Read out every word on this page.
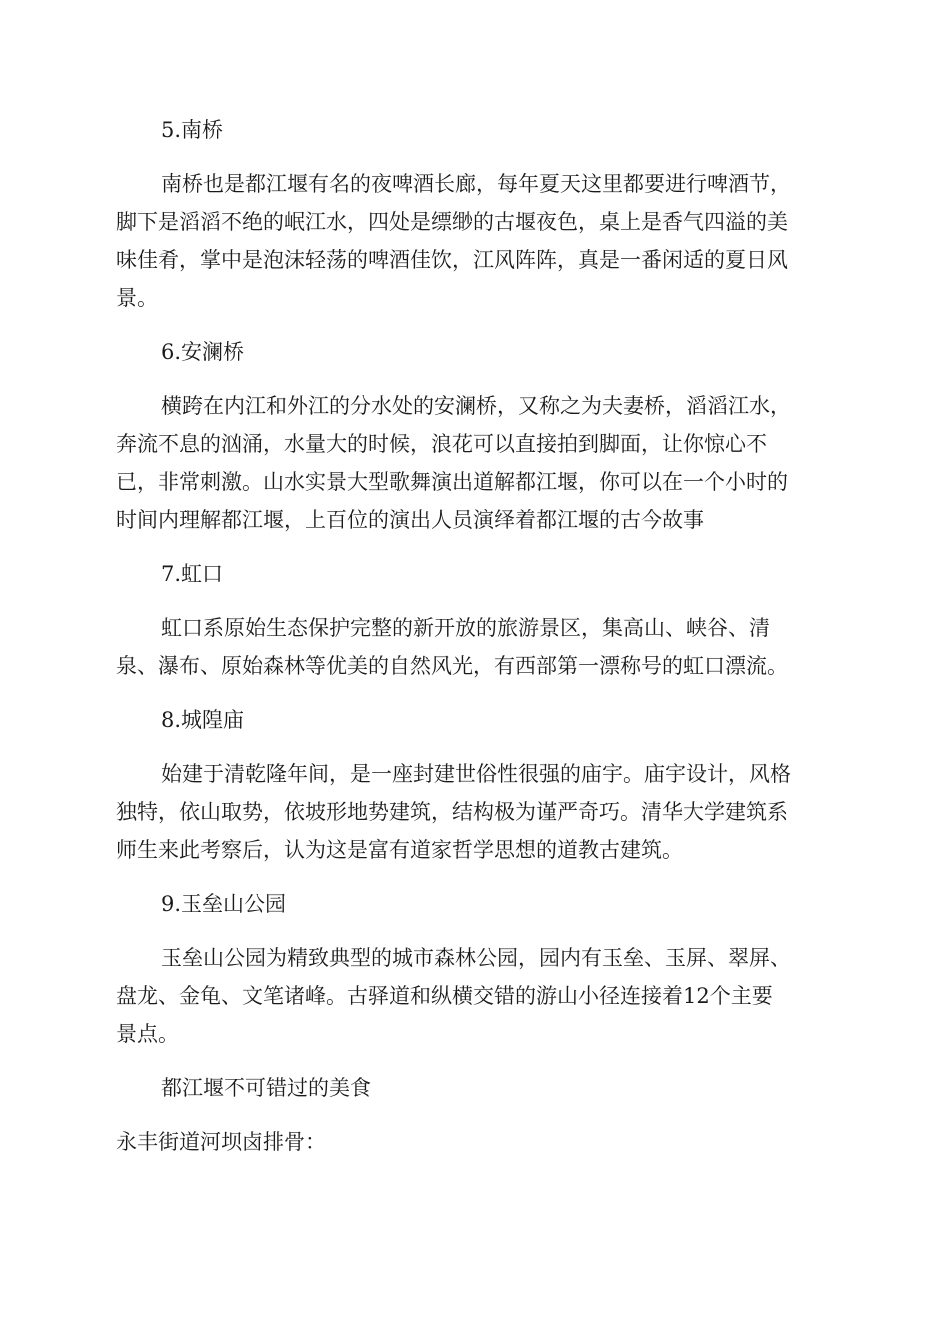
5.南桥
南桥也是都江堰有名的夜啤酒长廊，每年夏天这里都要进行啤酒节，
脚下是滔滔不绝的岷江水，四处是缥缈的古堰夜色，桌上是香气四溢的美
味佳肴，掌中是泡沫轻荡的啤酒佳饮，江风阵阵，真是一番闲适的夏日风
景。
6.安澜桥
横跨在内江和外江的分水处的安澜桥，又称之为夫妻桥，滔滔江水，
奔流不息的汹涌，水量大的时候，浪花可以直接拍到脚面，让你惊心不
已，非常刺激。山水实景大型歌舞演出道解都江堰，你可以在一个小时的
时间内理解都江堰，上百位的演出人员演绎着都江堰的古今故事
7.虹口
虹口系原始生态保护完整的新开放的旅游景区，集高山、峡谷、清
泉、瀑布、原始森林等优美的自然风光，有西部第一漂称号的虹口漂流。
8.城隍庙
始建于清乾隆年间，是一座封建世俗性很强的庙宇。庙宇设计，风格
独特，依山取势，依坡形地势建筑，结构极为谨严奇巧。清华大学建筑系
师生来此考察后，认为这是富有道家哲学思想的道教古建筑。
9.玉垒山公园
玉垒山公园为精致典型的城市森林公园，园内有玉垒、玉屏、翠屏、
盘龙、金龟、文笔诸峰。古驿道和纵横交错的游山小径连接着12个主要
景点。
都江堰不可错过的美食
永丰街道河坝卤排骨：
